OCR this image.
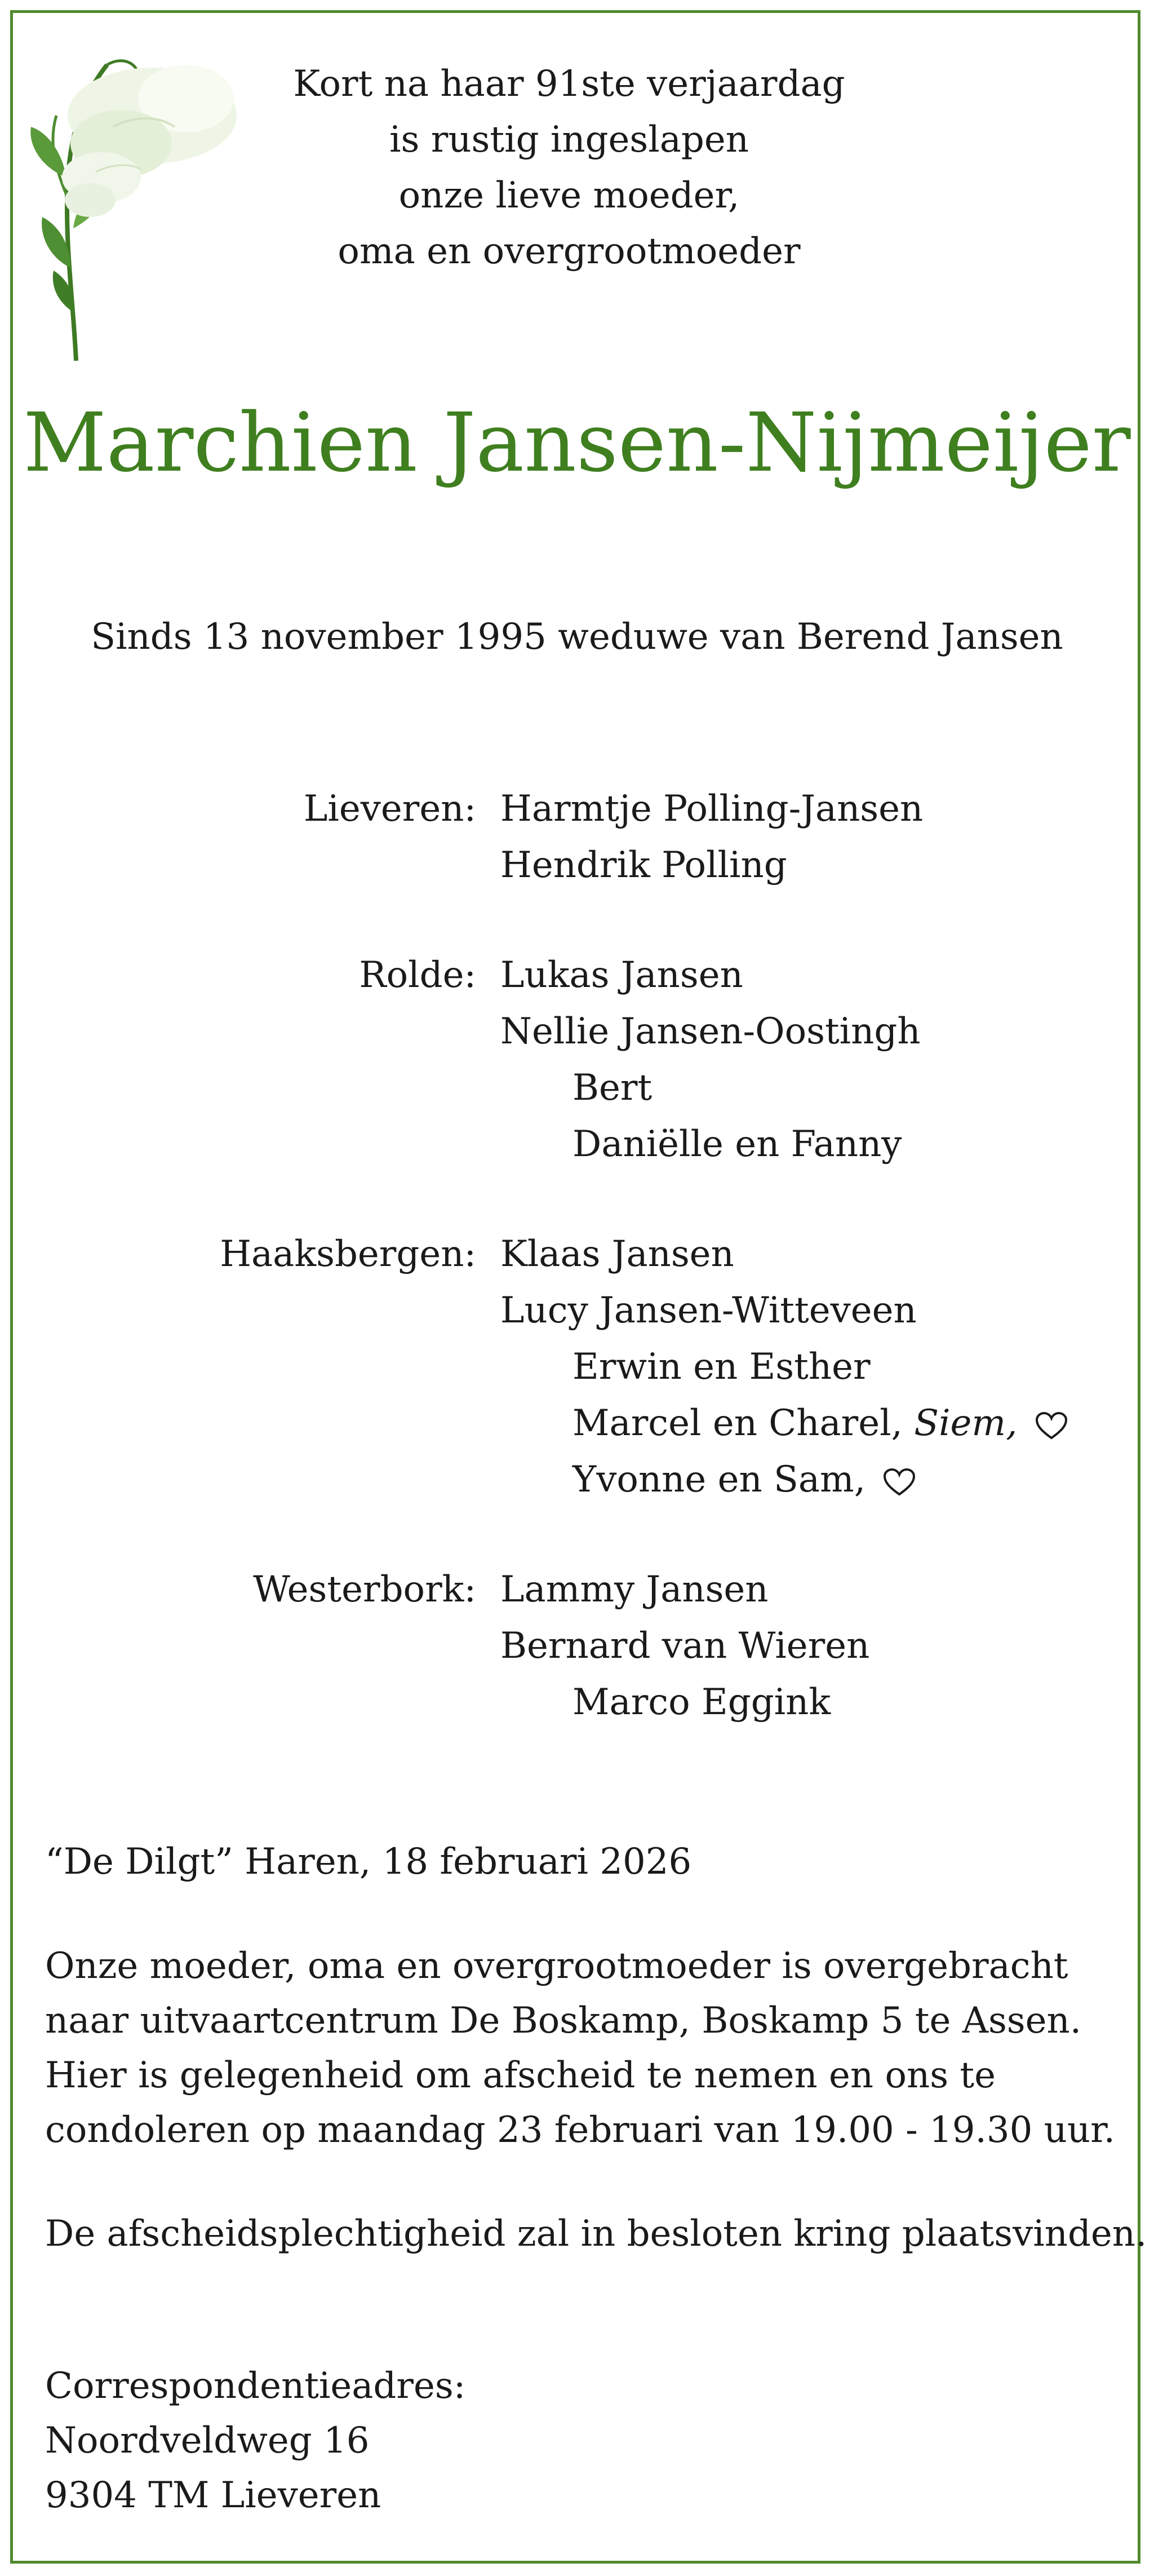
Kort na haar 91ste verjaardag
is rustig ingeslapen
onze lieve moeder,
oma en overgrootmoeder
Marchien Jansen-Nijmeijer
Sinds 13 november 1995 weduwe van Berend Jansen
Lieveren: Harmtje Polling-Jansen
Hendrik Polling
Rolde: Lukas Jansen
Nellie Jansen-Oostingh
Bert
Daniëlle en Fanny
Haaksbergen: Klaas Jansen
Lucy Jansen-Witteveen
Erwin en Esther
Marcel en Charel, Siem,
Yvonne en Sam,
Westerbork: Lammy Jansen
Bernard van Wieren
Marco Eggink
“De Dilgt” Haren, 18 februari 2026
Onze moeder, oma en overgrootmoeder is overgebracht
naar uitvaartcentrum De Boskamp, Boskamp 5 te Assen.
Hier is gelegenheid om afscheid te nemen en ons te
condoleren op maandag 23 februari van 19.00 - 19.30 uur.
De afscheidsplechtigheid zal in besloten kring plaatsvinden.
Correspondentieadres:
Noordveldweg 16
9304 TM Lieveren
